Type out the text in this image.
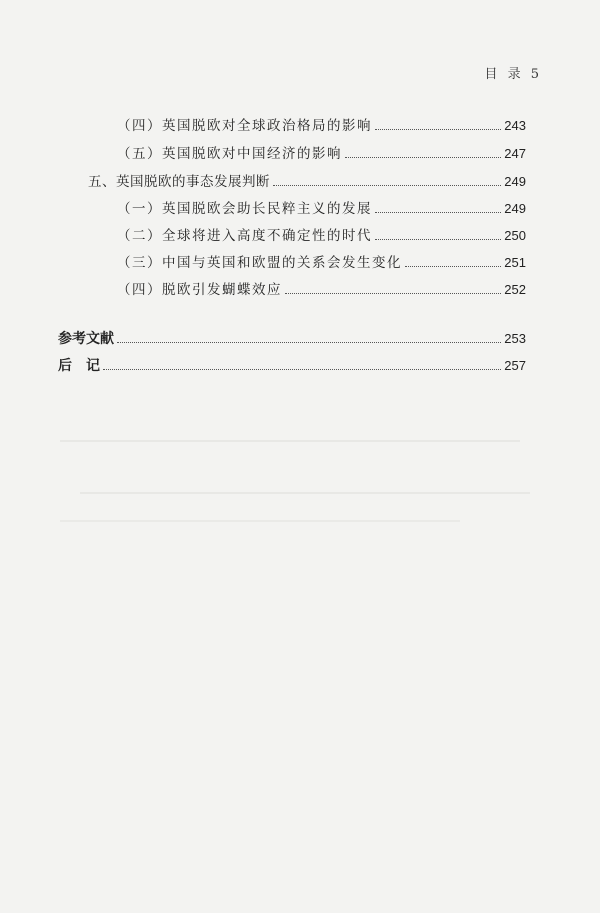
目 录 5
（四）英国脱欧对全球政治格局的影响	243
（五）英国脱欧对中国经济的影响	247
五、英国脱欧的事态发展判断	249
（一）英国脱欧会助长民粹主义的发展	249
（二）全球将进入高度不确定性的时代	250
（三）中国与英国和欧盟的关系会发生变化	251
（四）脱欧引发蝴蝶效应	252
参考文献	253
后　记	257
